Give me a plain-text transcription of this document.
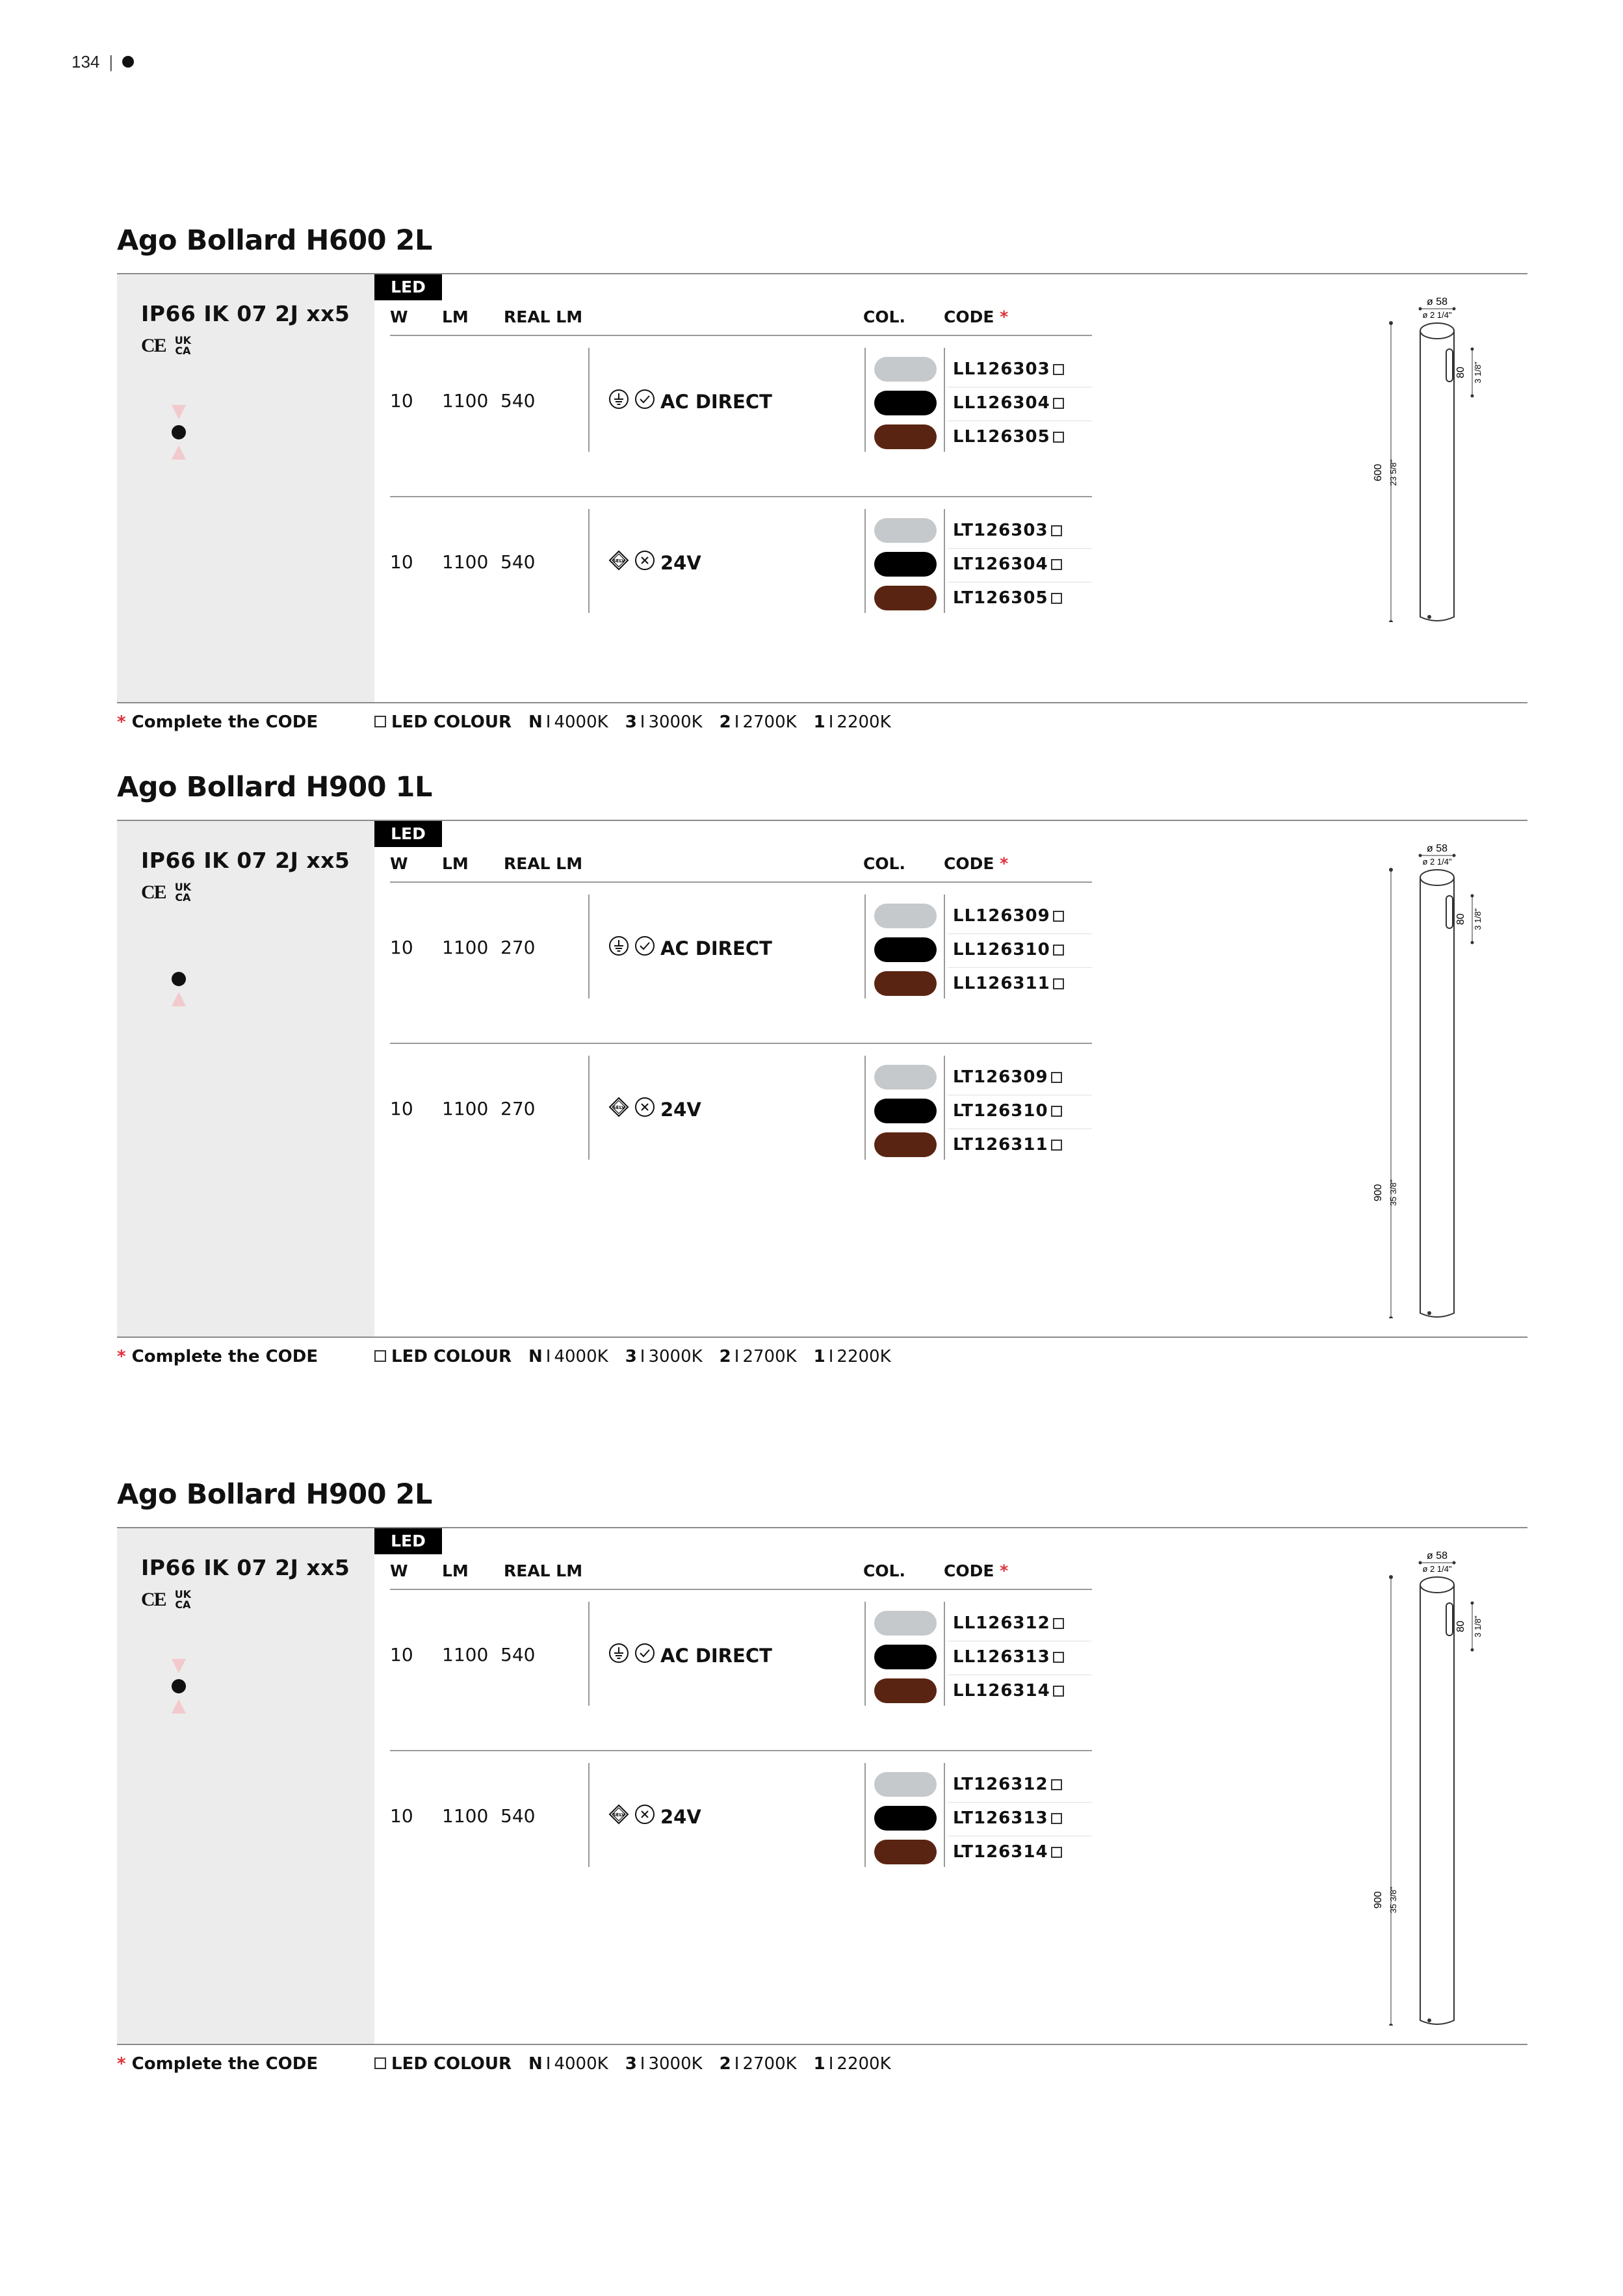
134 |
Ago Bollard H600 2L
IP66 IK 07 2J xx5
CE UK
CA
LED
W LM REAL LM	COL. CODE *
10 1100 540	AC DIRECT
LL126303
LL126304
LL126305
10 1100 540	SELV 24V
LT126303
LT126304
LT126305
* Complete the CODE	LED COLOUR N I 4000K 3 I 3000K 2 I 2700K 1 I 2200K
ø 58
ø 2 1/4"
600 23 5/8"
80 3 1/8"
Ago Bollard H900 1L
IP66 IK 07 2J xx5
CE UK
CA
LED
W LM REAL LM	COL. CODE *
10 1100 270	AC DIRECT
LL126309
LL126310
LL126311
10 1100 270	SELV 24V
LT126309
LT126310
LT126311
* Complete the CODE	LED COLOUR N I 4000K 3 I 3000K 2 I 2700K 1 I 2200K
ø 58
ø 2 1/4"
900 35 3/8"
80 3 1/8"
Ago Bollard H900 2L
IP66 IK 07 2J xx5
CE UK
CA
LED
W LM REAL LM	COL. CODE *
10 1100 540	AC DIRECT
LL126312
LL126313
LL126314
10 1100 540	SELV 24V
LT126312
LT126313
LT126314
* Complete the CODE	LED COLOUR N I 4000K 3 I 3000K 2 I 2700K 1 I 2200K
ø 58
ø 2 1/4"
900 35 3/8"
80 3 1/8"
